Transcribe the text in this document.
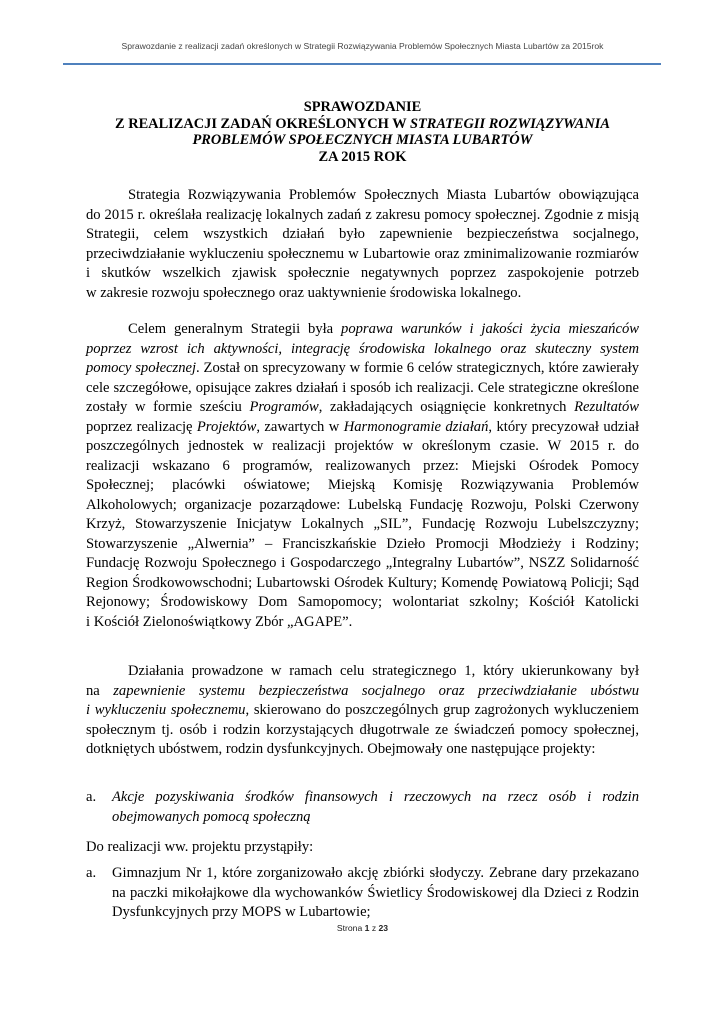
Sprawozdanie z realizacji zadań określonych w Strategii Rozwiązywania Problemów Społecznych Miasta Lubartów za 2015rok
SPRAWOZDANIE
Z REALIZACJI ZADAŃ OKREŚLONYCH W STRATEGII ROZWIĄZYWANIA
PROBLEMÓW SPOŁECZNYCH MIASTA LUBARTÓW
ZA 2015 ROK
Strategia Rozwiązywania Problemów Społecznych Miasta Lubartów obowiązująca
do 2015 r. określała realizację lokalnych zadań z zakresu pomocy społecznej. Zgodnie z misją
Strategii, celem wszystkich działań było zapewnienie bezpieczeństwa socjalnego,
przeciwdziałanie wykluczeniu społecznemu w Lubartowie oraz zminimalizowanie rozmiarów
i skutków wszelkich zjawisk społecznie negatywnych poprzez zaspokojenie potrzeb
w zakresie rozwoju społecznego oraz uaktywnienie środowiska lokalnego.
Celem generalnym Strategii była poprawa warunków i jakości życia mieszańców
poprzez wzrost ich aktywności, integrację środowiska lokalnego oraz skuteczny system
pomocy społecznej. Został on sprecyzowany w formie 6 celów strategicznych, które zawierały
cele szczegółowe, opisujące zakres działań i sposób ich realizacji. Cele strategiczne określone
zostały w formie sześciu Programów, zakładających osiągnięcie konkretnych Rezultatów
poprzez realizację Projektów, zawartych w Harmonogramie działań, który precyzował udział
poszczególnych jednostek w realizacji projektów w określonym czasie. W 2015 r. do
realizacji wskazano 6 programów, realizowanych przez: Miejski Ośrodek Pomocy
Społecznej; placówki oświatowe; Miejską Komisję Rozwiązywania Problemów
Alkoholowych; organizacje pozarządowe: Lubelską Fundację Rozwoju, Polski Czerwony
Krzyż, Stowarzyszenie Inicjatyw Lokalnych „SIL”, Fundację Rozwoju Lubelszczyzny;
Stowarzyszenie „Alwernia” – Franciszkańskie Dzieło Promocji Młodzieży i Rodziny;
Fundację Rozwoju Społecznego i Gospodarczego „Integralny Lubartów”, NSZZ Solidarność
Region Środkowowschodni; Lubartowski Ośrodek Kultury; Komendę Powiatową Policji; Sąd
Rejonowy; Środowiskowy Dom Samopomocy; wolontariat szkolny; Kościół Katolicki
i Kościół Zielonoświątkowy Zbór „AGAPE”.
Działania prowadzone w ramach celu strategicznego 1, który ukierunkowany był
na zapewnienie systemu bezpieczeństwa socjalnego oraz przeciwdziałanie ubóstwu
i wykluczeniu społecznemu, skierowano do poszczególnych grup zagrożonych wykluczeniem
społecznym tj. osób i rodzin korzystających długotrwale ze świadczeń pomocy społecznej,
dotkniętych ubóstwem, rodzin dysfunkcyjnych. Obejmowały one następujące projekty:
a. Akcje pozyskiwania środków finansowych i rzeczowych na rzecz osób i rodzin
obejmowanych pomocą społeczną
Do realizacji ww. projektu przystąpiły:
a. Gimnazjum Nr 1, które zorganizowało akcję zbiórki słodyczy. Zebrane dary przekazano
na paczki mikołajkowe dla wychowanków Świetlicy Środowiskowej dla Dzieci z Rodzin
Dysfunkcyjnych przy MOPS w Lubartowie;
Strona 1 z 23
